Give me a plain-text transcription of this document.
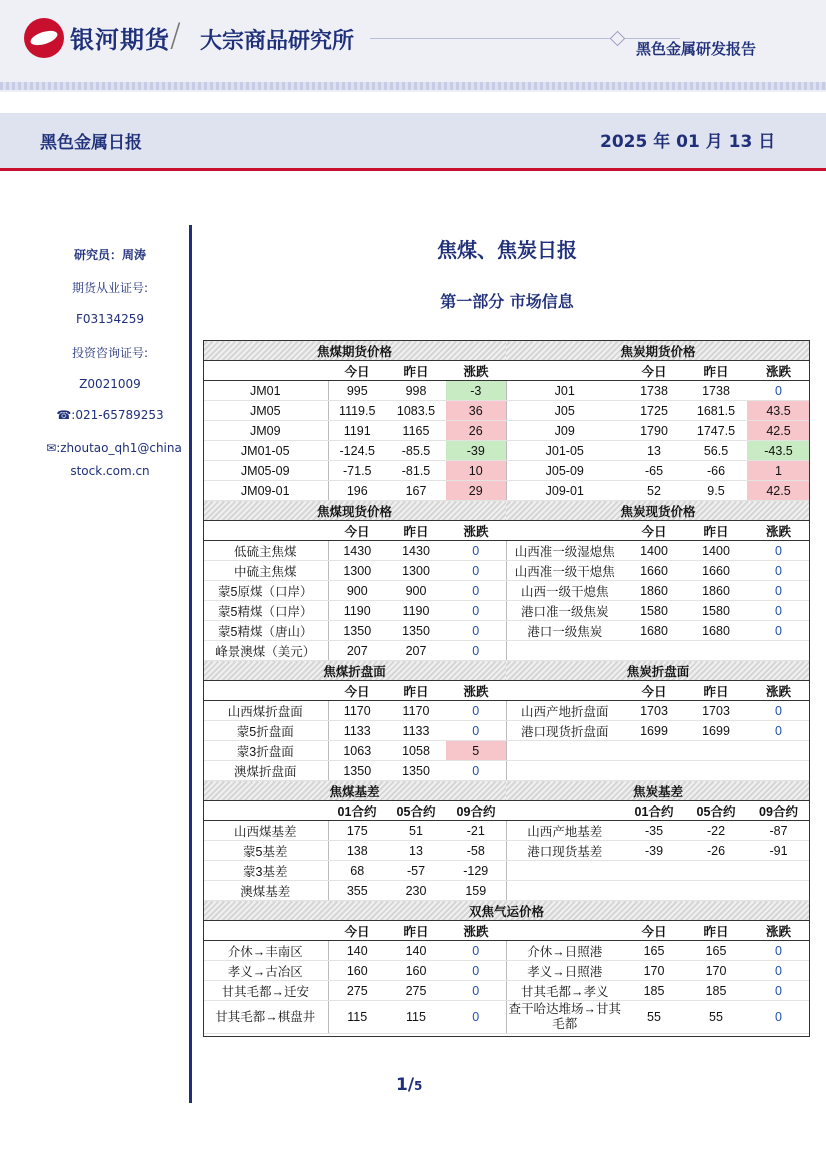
银河期货 / 大宗商品研究所	黑色金属研发报告
黑色金属日报	2025 年 01 月 13 日
研究员：周涛
期货从业证号:
F03134259
投资咨询证号:
Z0021009
☎:021-65789253
✉:zhoutao_qh1@china
stock.com.cn
焦煤、焦炭日报
第一部分 市场信息
焦煤期货价格				焦炭期货价格			
	今日	昨日	涨跌		今日	昨日	涨跌
JM01	995	998	-3	J01	1738	1738	0
JM05	1119.5	1083.5	36	J05	1725	1681.5	43.5
JM09	1191	1165	26	J09	1790	1747.5	42.5
JM01-05	-124.5	-85.5	-39	J01-05	13	56.5	-43.5
JM05-09	-71.5	-81.5	10	J05-09	-65	-66	1
JM09-01	196	167	29	J09-01	52	9.5	42.5
焦煤现货价格				焦炭现货价格			
	今日	昨日	涨跌		今日	昨日	涨跌
低硫主焦煤	1430	1430	0	山西准一级湿熄焦	1400	1400	0
中硫主焦煤	1300	1300	0	山西准一级干熄焦	1660	1660	0
蒙5原煤（口岸）	900	900	0	山西一级干熄焦	1860	1860	0
蒙5精煤（口岸）	1190	1190	0	港口准一级焦炭	1580	1580	0
蒙5精煤（唐山）	1350	1350	0	港口一级焦炭	1680	1680	0
峰景澳煤（美元）	207	207	0				
焦煤折盘面				焦炭折盘面			
	今日	昨日	涨跌		今日	昨日	涨跌
山西煤折盘面	1170	1170	0	山西产地折盘面	1703	1703	0
蒙5折盘面	1133	1133	0	港口现货折盘面	1699	1699	0
蒙3折盘面	1063	1058	5				
澳煤折盘面	1350	1350	0				
焦煤基差				焦炭基差			
	01合约	05合约	09合约		01合约	05合约	09合约
山西煤基差	175	51	-21	山西产地基差	-35	-22	-87
蒙5基差	138	13	-58	港口现货基差	-39	-26	-91
蒙3基差	68	-57	-129				
澳煤基差	355	230	159				
双焦气运价格							
	今日	昨日	涨跌		今日	昨日	涨跌
介休→丰南区	140	140	0	介休→日照港	165	165	0
孝义→古冶区	160	160	0	孝义→日照港	170	170	0
甘其毛都→迁安	275	275	0	甘其毛都→孝义	185	185	0
甘其毛都→棋盘井	115	115	0	查干哈达堆场→甘其毛都	55	55	0
1/5
